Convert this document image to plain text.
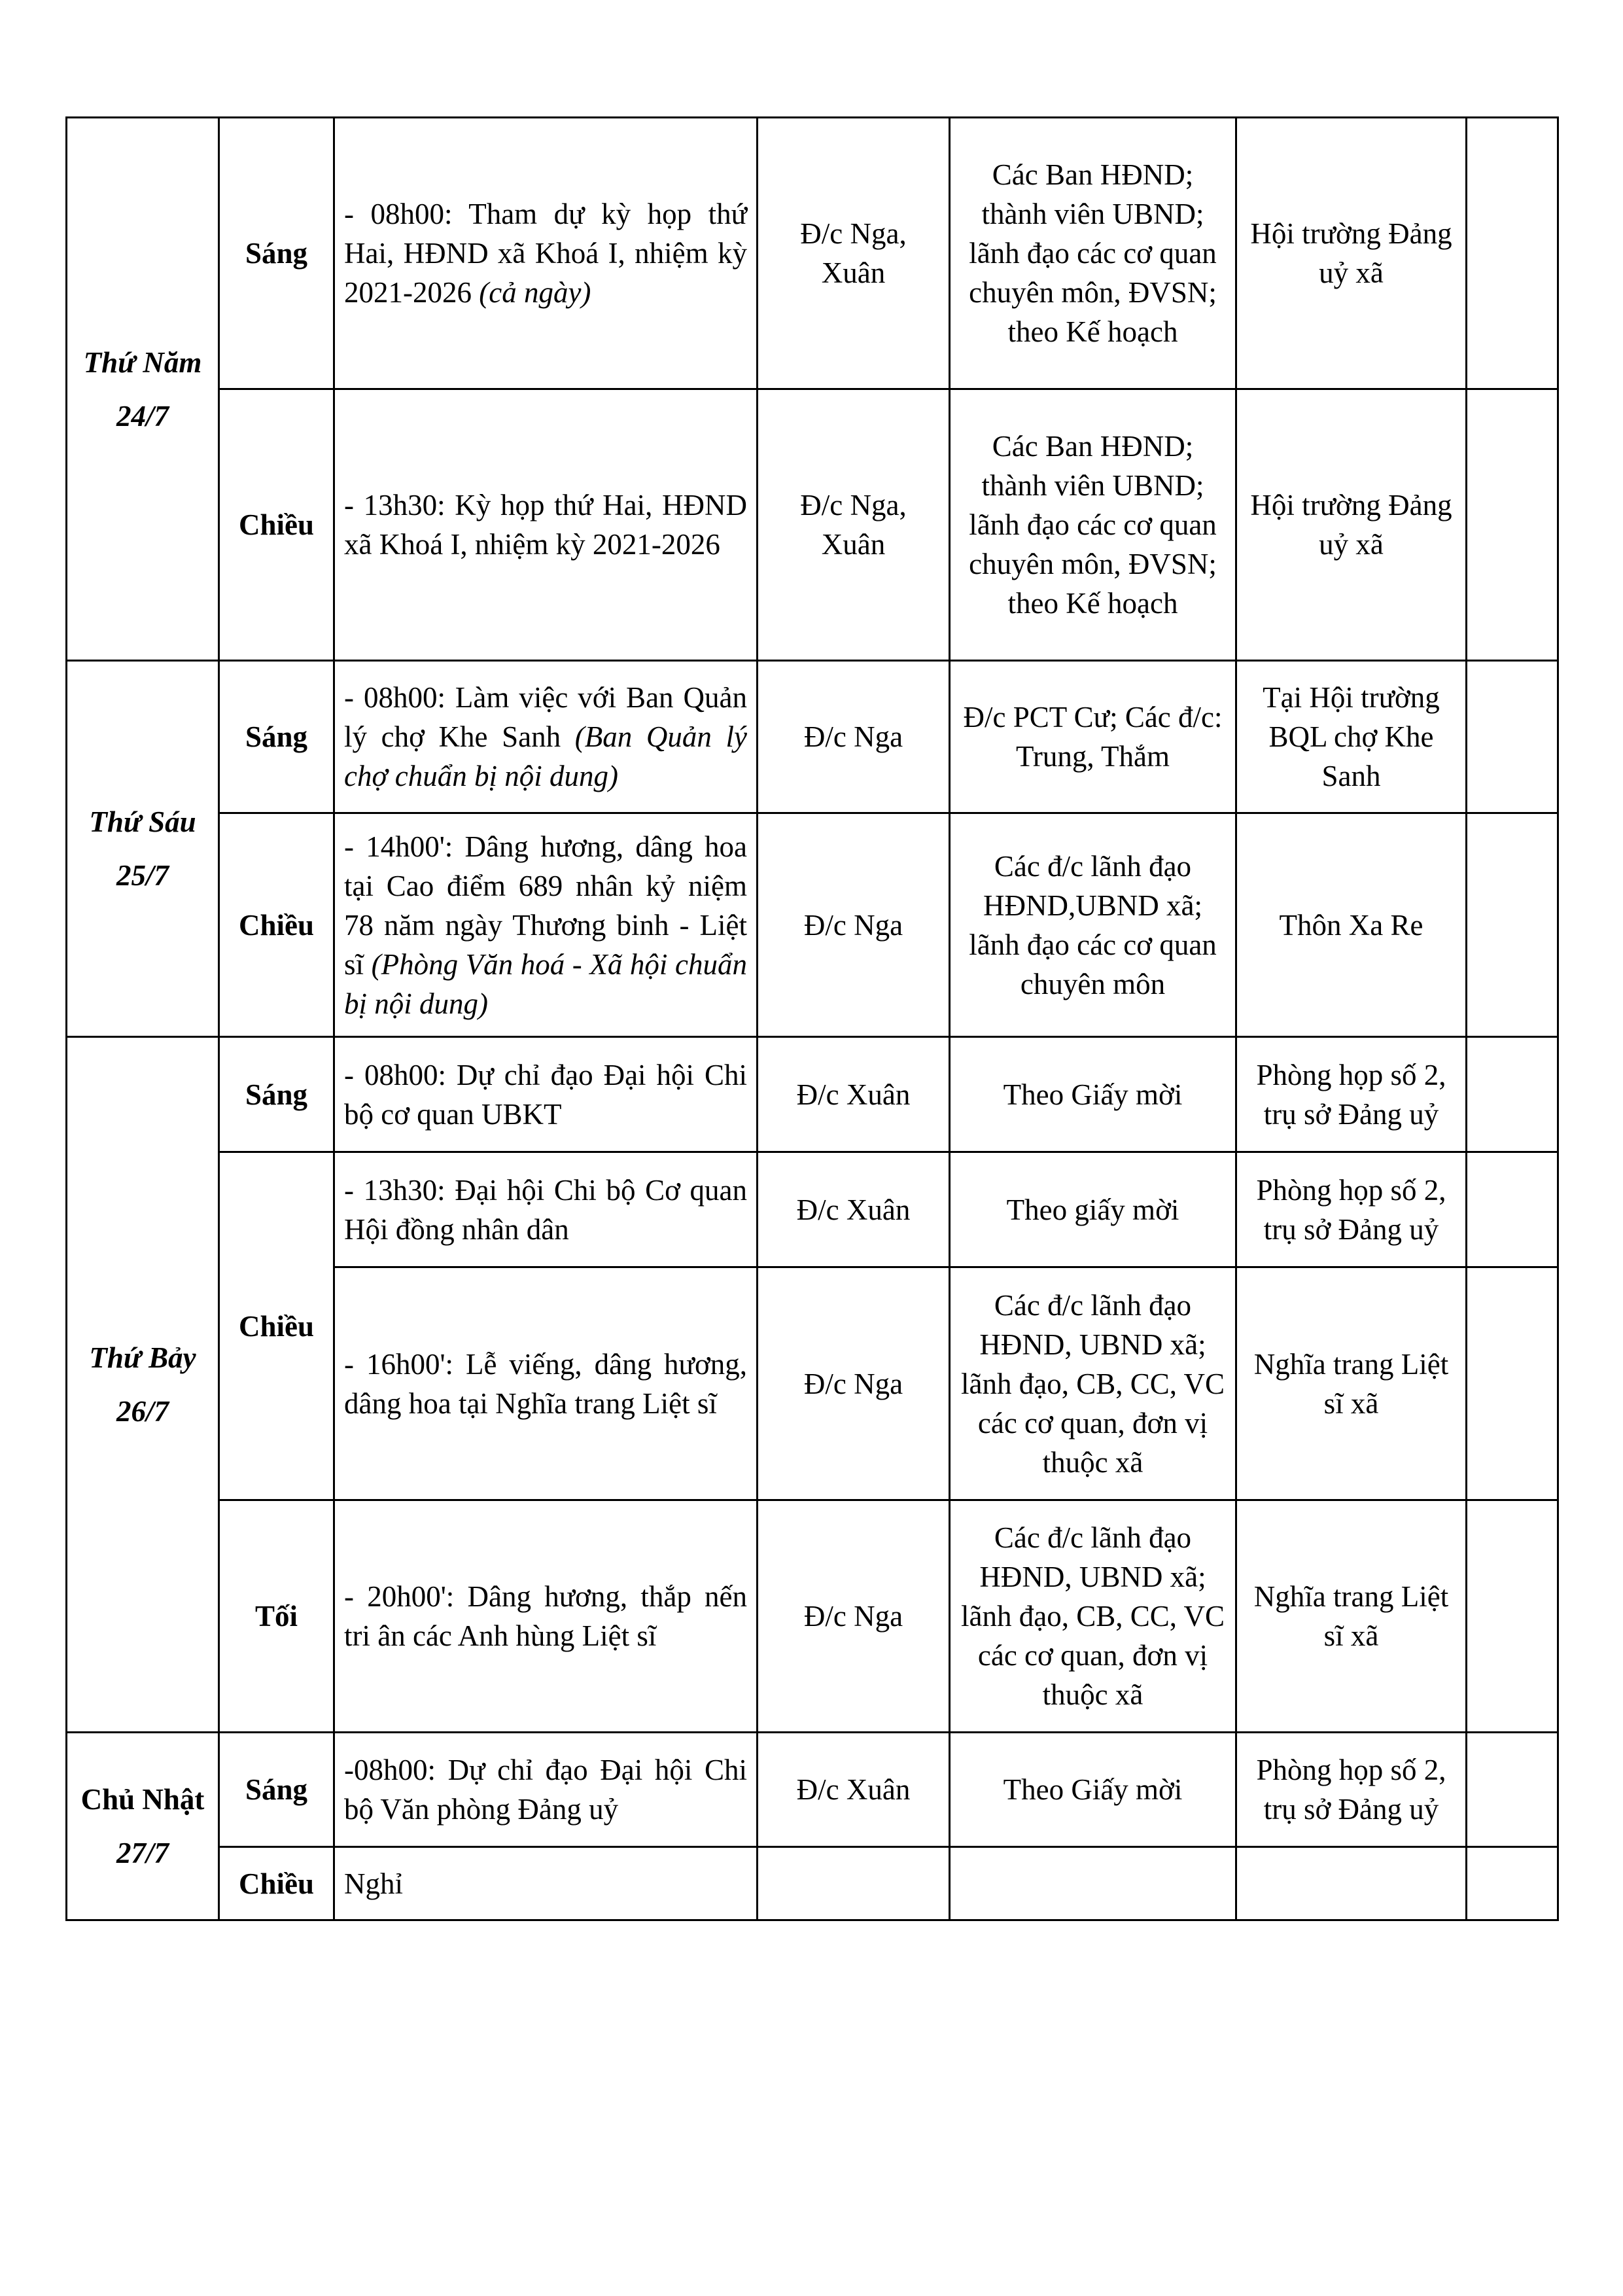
Thứ Năm
24/7	Sáng	- 08h00: Tham dự kỳ họp thứ Hai, HĐND xã Khoá I, nhiệm kỳ 2021-2026 (cả ngày)	Đ/c Nga, Xuân	Các Ban HĐND; thành viên UBND; lãnh đạo các cơ quan chuyên môn, ĐVSN; theo Kế hoạch	Hội trường Đảng uỷ xã	
	Chiều	- 13h30: Kỳ họp thứ Hai, HĐND xã Khoá I, nhiệm kỳ 2021-2026	Đ/c Nga, Xuân	Các Ban HĐND; thành viên UBND; lãnh đạo các cơ quan chuyên môn, ĐVSN; theo Kế hoạch	Hội trường Đảng uỷ xã	
Thứ Sáu
25/7	Sáng	- 08h00: Làm việc với Ban Quản lý chợ Khe Sanh (Ban Quản lý chợ chuẩn bị nội dung)	Đ/c Nga	Đ/c PCT Cư; Các đ/c: Trung, Thắm	Tại Hội trường BQL chợ Khe Sanh	
	Chiều	- 14h00': Dâng hương, dâng hoa tại Cao điểm 689 nhân kỷ niệm 78 năm ngày Thương binh - Liệt sĩ (Phòng Văn hoá - Xã hội chuẩn bị nội dung)	Đ/c Nga	Các đ/c lãnh đạo HĐND,UBND xã; lãnh đạo các cơ quan chuyên môn	Thôn Xa Re	
Thứ Bảy
26/7	Sáng	- 08h00: Dự chỉ đạo Đại hội Chi bộ cơ quan UBKT	Đ/c Xuân	Theo Giấy mời	Phòng họp số 2, trụ sở Đảng uỷ	
	Chiều	- 13h30: Đại hội Chi bộ Cơ quan Hội đồng nhân dân	Đ/c Xuân	Theo giấy mời	Phòng họp số 2, trụ sở Đảng uỷ	
		- 16h00': Lễ viếng, dâng hương, dâng hoa tại Nghĩa trang Liệt sĩ	Đ/c Nga	Các đ/c lãnh đạo HĐND, UBND xã; lãnh đạo, CB, CC, VC các cơ quan, đơn vị thuộc xã	Nghĩa trang Liệt sĩ xã	
	Tối	- 20h00': Dâng hương, thắp nến tri ân các Anh hùng Liệt sĩ	Đ/c Nga	Các đ/c lãnh đạo HĐND, UBND xã; lãnh đạo, CB, CC, VC các cơ quan, đơn vị thuộc xã	Nghĩa trang Liệt sĩ xã	
Chủ Nhật
27/7	Sáng	-08h00: Dự chỉ đạo Đại hội Chi bộ Văn phòng Đảng uỷ	Đ/c Xuân	Theo Giấy mời	Phòng họp số 2, trụ sở Đảng uỷ	
	Chiều	Nghỉ				
